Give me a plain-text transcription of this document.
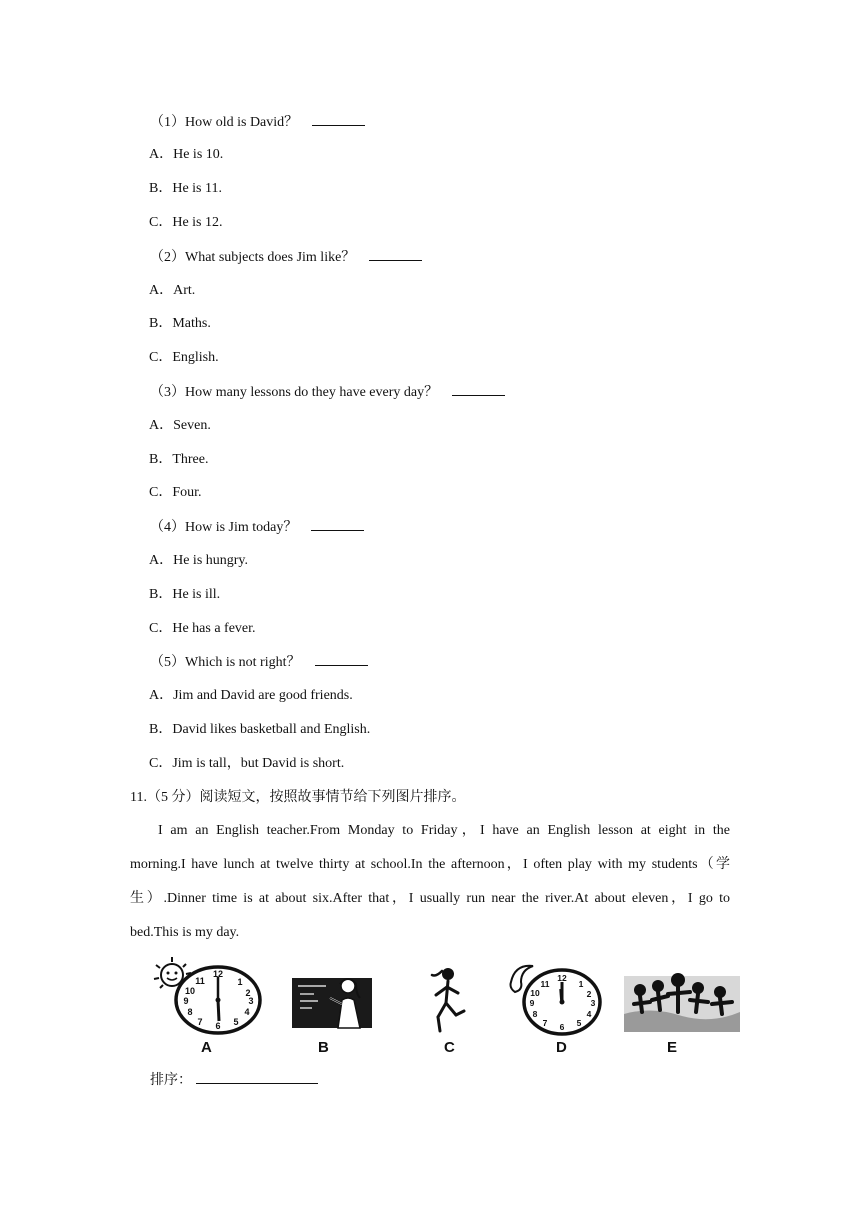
（1）How old is David？
A．He is 10.
B．He is 11.
C．He is 12.
（2）What subjects does Jim like？
A．Art.
B．Maths.
C．English.
（3）How many lessons do they have every day？
A．Seven.
B．Three.
C．Four.
（4）How is Jim today？
A．He is hungry.
B．He is ill.
C．He has a fever.
（5）Which is not right？
A．Jim and David are good friends.
B．David likes basketball and English.
C．Jim is tall，but David is short.
11.（5 分）阅读短文，按照故事情节给下列图片排序。
I am an English teacher.From Monday to Friday，I have an English lesson at eight in the
morning.I have lunch at twelve thirty at school.In the afternoon，I often play with my students（学
生）.Dinner time is at about six.After that，I usually run near the river.At about eleven，I go to
bed.This is my day.
12
1
2
3
4
5
6
7
8
9
10
11
A	B	C
12
1
2
3
4
5
6
7
8
9
10
11
D	E
排序：
